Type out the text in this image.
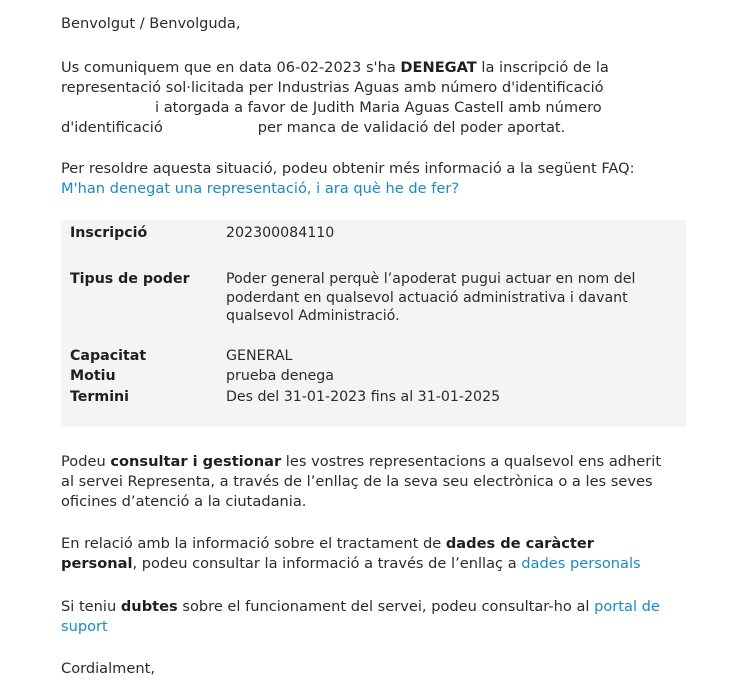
Benvolgut / Benvolguda,
Us comuniquem que en data 06-02-2023 s'ha DENEGAT la inscripció de la
representació sol·licitada per Industrias Aguas amb número d'identificació
i atorgada a favor de Judith Maria Aguas Castell amb número
d'identificació	per manca de validació del poder aportat.
Per resoldre aquesta situació, podeu obtenir més informació a la següent FAQ:
M'han denegat una representació, i ara què he de fer?
Inscripció	202300084110
Tipus de poder	Poder general perquè l’apoderat pugui actuar en nom del
poderdant en qualsevol actuació administrativa i davant
qualsevol Administració.
Capacitat	GENERAL
Motiu	prueba denega
Termini	Des del 31-01-2023 fins al 31-01-2025
Podeu consultar i gestionar les vostres representacions a qualsevol ens adherit
al servei Representa, a través de l’enllaç de la seva seu electrònica o a les seves
oficines d’atenció a la ciutadania.
En relació amb la informació sobre el tractament de dades de caràcter
personal, podeu consultar la informació a través de l’enllaç a dades personals
Si teniu dubtes sobre el funcionament del servei, podeu consultar-ho al portal de
suport
Cordialment,
